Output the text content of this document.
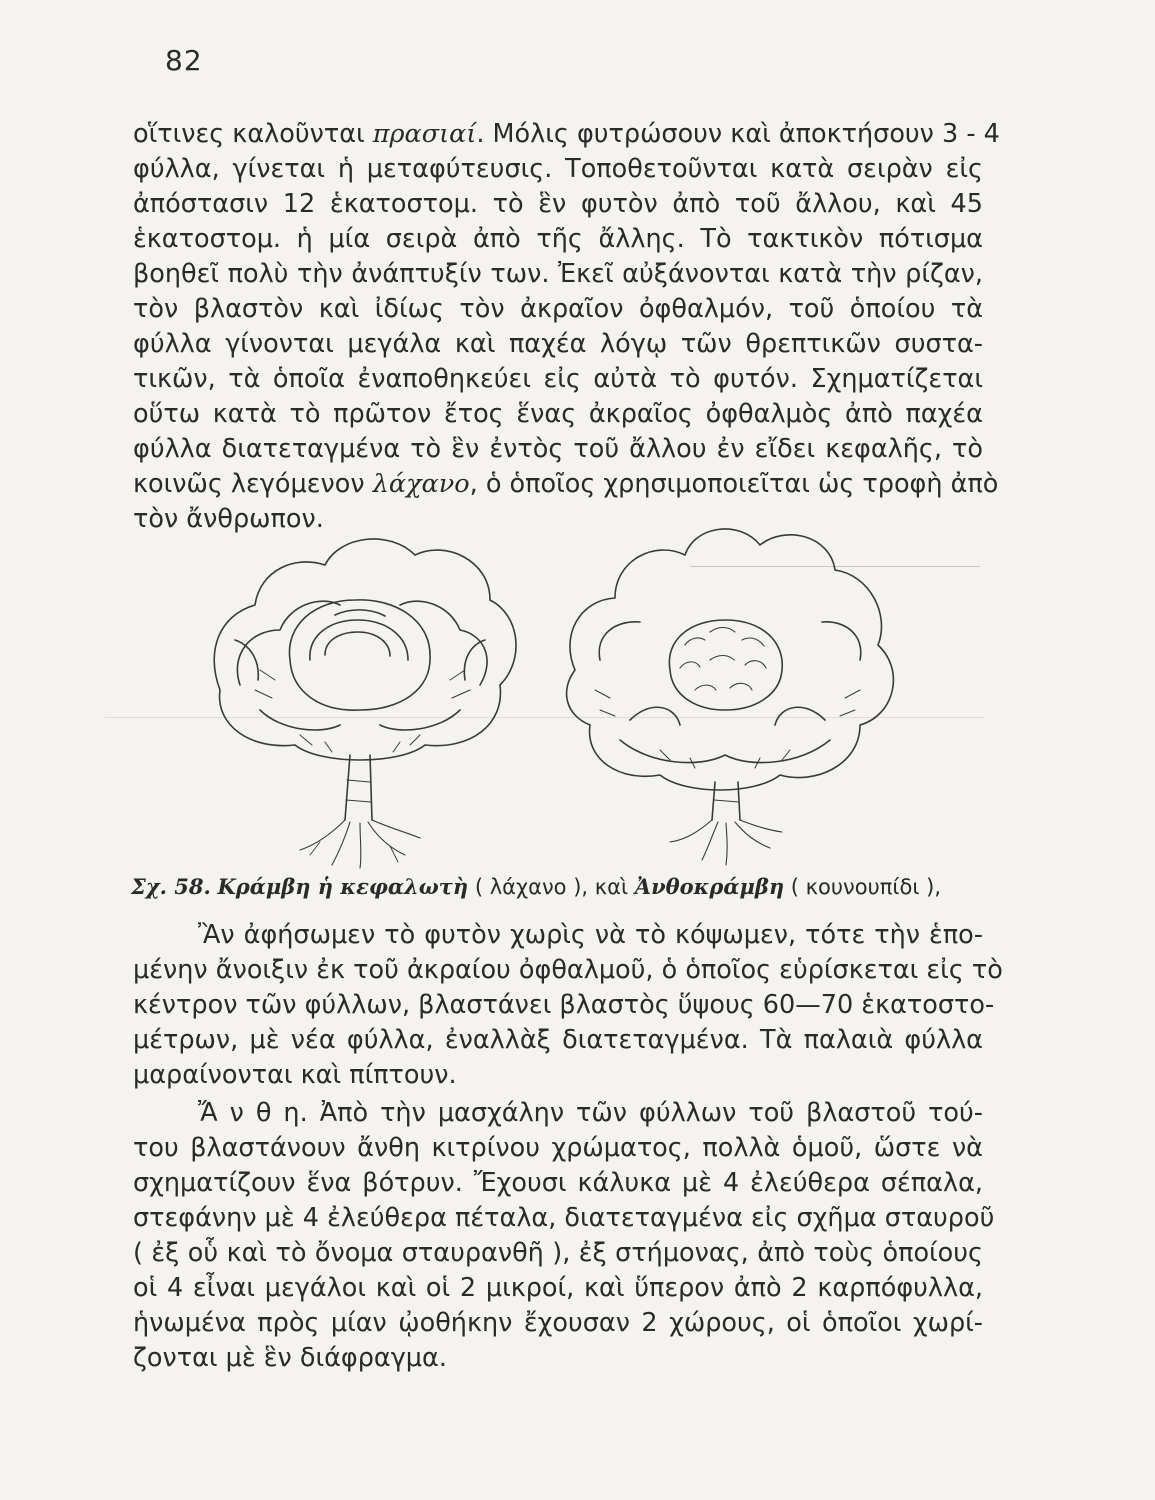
82
οἵτινες καλοῦνται πρασιαί. Μόλις φυτρώσουν καὶ ἀποκτήσουν 3 - 4
φύλλα, γίνεται ἡ μεταφύτευσις. Τοποθετοῦνται κατὰ σειρὰν εἰς
ἀπόστασιν 12 ἑκατοστομ. τὸ ἓν φυτὸν ἀπὸ τοῦ ἄλλου, καὶ 45
ἑκατοστομ. ἡ μία σειρὰ ἀπὸ τῆς ἄλλης. Τὸ τακτικὸν πότισμα
βοηθεῖ πολὺ τὴν ἀνάπτυξίν των. Ἐκεῖ αὐξάνονται κατὰ τὴν ρίζαν,
τὸν βλαστὸν καὶ ἰδίως τὸν ἀκραῖον ὀφθαλμόν, τοῦ ὁποίου τὰ
φύλλα γίνονται μεγάλα καὶ παχέα λόγῳ τῶν θρεπτικῶν συστα-
τικῶν, τὰ ὁποῖα ἐναποθηκεύει εἰς αὐτὰ τὸ φυτόν. Σχηματίζεται
οὕτω κατὰ τὸ πρῶτον ἔτος ἕνας ἀκραῖος ὀφθαλμὸς ἀπὸ παχέα
φύλλα διατεταγμένα τὸ ἓν ἐντὸς τοῦ ἄλλου ἐν εἴδει κεφαλῆς, τὸ
κοινῶς λεγόμενον λάχανο, ὁ ὁποῖος χρησιμοποιεῖται ὡς τροφὴ ἀπὸ
τὸν ἄνθρωπον.
Σχ. 58. Κράμβη ἡ κεφαλωτὴ ( λάχανο ), καὶ Ἀνθοκράμβη ( κουνουπίδι ),
Ἂν ἀφήσωμεν τὸ φυτὸν χωρὶς νὰ τὸ κόψωμεν, τότε τὴν ἑπο-
μένην ἄνοιξιν ἐκ τοῦ ἀκραίου ὀφθαλμοῦ, ὁ ὁποῖος εὑρίσκεται εἰς τὸ
κέντρον τῶν φύλλων, βλαστάνει βλαστὸς ὕψους 60—70 ἑκατοστο-
μέτρων, μὲ νέα φύλλα, ἐναλλὰξ διατεταγμένα. Τὰ παλαιὰ φύλλα
μαραίνονται καὶ πίπτουν.
Ἄ ν θ η. Ἀπὸ τὴν μασχάλην τῶν φύλλων τοῦ βλαστοῦ τού-
του βλαστάνουν ἄνθη κιτρίνου χρώματος, πολλὰ ὁμοῦ, ὥστε νὰ
σχηματίζουν ἕνα βότρυν. Ἔχουσι κάλυκα μὲ 4 ἐλεύθερα σέπαλα,
στεφάνην μὲ 4 ἐλεύθερα πέταλα, διατεταγμένα εἰς σχῆμα σταυροῦ
( ἐξ οὗ καὶ τὸ ὄνομα σταυρανθῆ ), ἐξ στήμονας, ἀπὸ τοὺς ὁποίους
οἱ 4 εἶναι μεγάλοι καὶ οἱ 2 μικροί, καὶ ὕπερον ἀπὸ 2 καρπόφυλλα,
ἡνωμένα πρὸς μίαν ᾠοθήκην ἔχουσαν 2 χώρους, οἱ ὁποῖοι χωρί-
ζονται μὲ ἓν διάφραγμα.
